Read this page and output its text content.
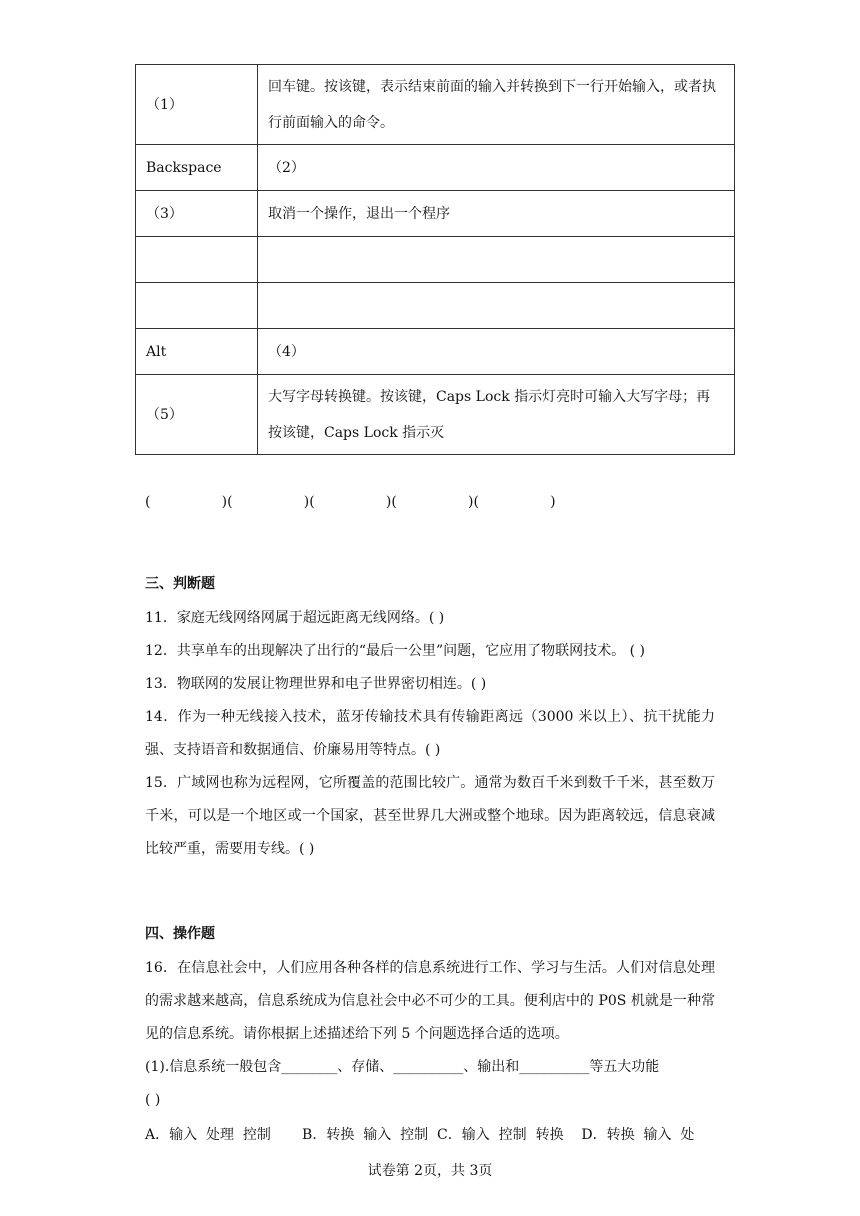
（1）	回车键。按该键，表示结束前面的输入并转换到下一行开始输入，或者执行前面输入的命令。
Backspace	（2）
（3）	取消一个操作，退出一个程序

Alt	（4）
（5）	大写字母转换键。按该键，Caps Lock 指示灯亮时可输入大写字母；再按该键，Caps Lock 指示灭
(                )(                )(                )(                )(                )
三、判断题
11．家庭无线网络网属于超远距离无线网络。( )
12．共享单车的出现解决了出行的“最后一公里”问题，它应用了物联网技术。 ( )
13．物联网的发展让物理世界和电子世界密切相连。( )
14．作为一种无线接入技术，蓝牙传输技术具有传输距离远（3000 米以上）、抗干扰能力强、支持语音和数据通信、价廉易用等特点。( )
15．广域网也称为远程网，它所覆盖的范围比较广。通常为数百千米到数千千米，甚至数万千米，可以是一个地区或一个国家，甚至世界几大洲或整个地球。因为距离较远，信息衰减比较严重，需要用专线。( )
四、操作题
16．在信息社会中，人们应用各种各样的信息系统进行工作、学习与生活。人们对信息处理的需求越来越高，信息系统成为信息社会中必不可少的工具。便利店中的 P0S 机就是一种常见的信息系统。请你根据上述描述给下列 5 个问题选择合适的选项。
(1).信息系统一般包含________、存储、__________、输出和__________等五大功能
( )
A．输入  处理  控制       B．转换  输入  控制  C．输入  控制  转换    D．转换  输入  处
试卷第 2页，共 3页
